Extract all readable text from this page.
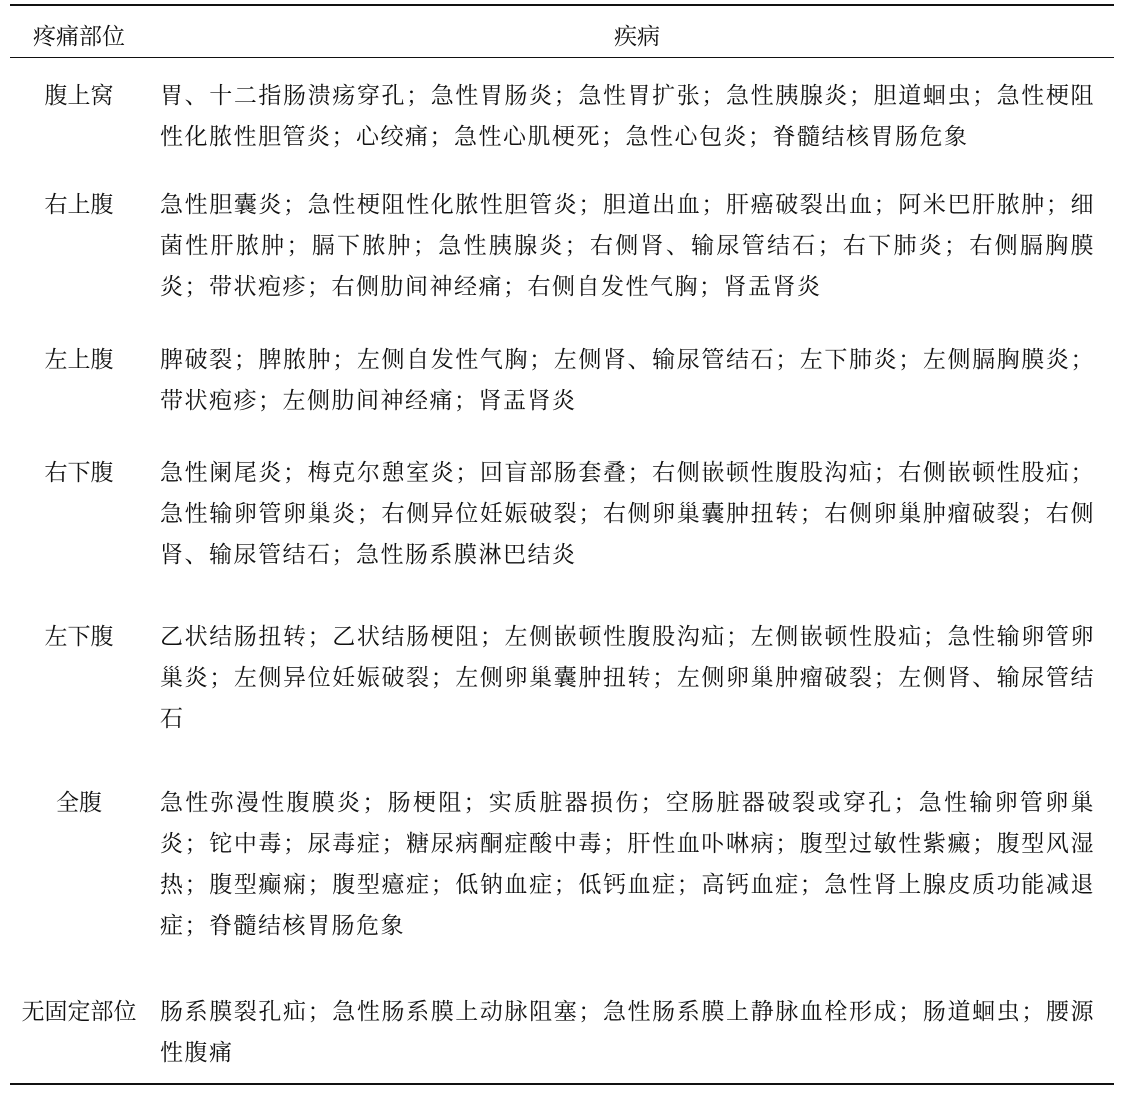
疼痛部位	疾病
腹上窝	胃、十二指肠溃疡穿孔；急性胃肠炎；急性胃扩张；急性胰腺炎；胆道蛔虫；急性梗阻性化脓性胆管炎；心绞痛；急性心肌梗死；急性心包炎；脊髓结核胃肠危象
右上腹	急性胆囊炎；急性梗阻性化脓性胆管炎；胆道出血；肝癌破裂出血；阿米巴肝脓肿；细菌性肝脓肿；膈下脓肿；急性胰腺炎；右侧肾、输尿管结石；右下肺炎；右侧膈胸膜炎；带状疱疹；右侧肋间神经痛；右侧自发性气胸；肾盂肾炎
左上腹	脾破裂；脾脓肿；左侧自发性气胸；左侧肾、输尿管结石；左下肺炎；左侧膈胸膜炎；带状疱疹；左侧肋间神经痛；肾盂肾炎
右下腹	急性阑尾炎；梅克尔憩室炎；回盲部肠套叠；右侧嵌顿性腹股沟疝；右侧嵌顿性股疝；急性输卵管卵巢炎；右侧异位妊娠破裂；右侧卵巢囊肿扭转；右侧卵巢肿瘤破裂；右侧肾、输尿管结石；急性肠系膜淋巴结炎
左下腹	乙状结肠扭转；乙状结肠梗阻；左侧嵌顿性腹股沟疝；左侧嵌顿性股疝；急性输卵管卵巢炎；左侧异位妊娠破裂；左侧卵巢囊肿扭转；左侧卵巢肿瘤破裂；左侧肾、输尿管结石
全腹	急性弥漫性腹膜炎；肠梗阻；实质脏器损伤；空肠脏器破裂或穿孔；急性输卵管卵巢炎；铊中毒；尿毒症；糖尿病酮症酸中毒；肝性血卟啉病；腹型过敏性紫癜；腹型风湿热；腹型癫痫；腹型癔症；低钠血症；低钙血症；高钙血症；急性肾上腺皮质功能减退症；脊髓结核胃肠危象
无固定部位	肠系膜裂孔疝；急性肠系膜上动脉阻塞；急性肠系膜上静脉血栓形成；肠道蛔虫；腰源性腹痛
